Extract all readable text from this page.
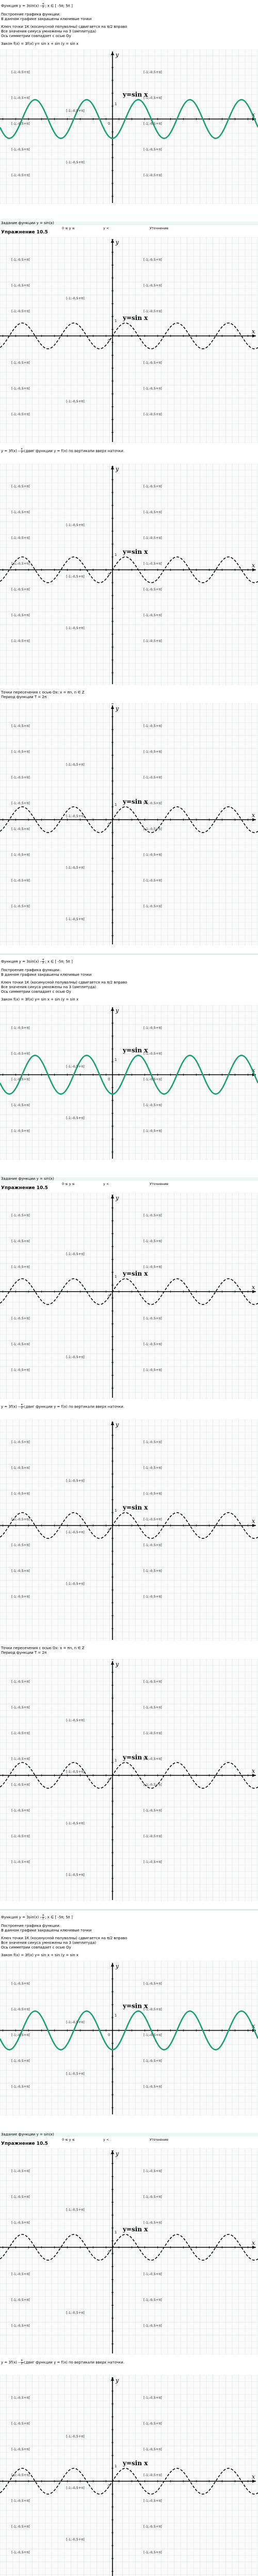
Функция $y = 3\sin(x) - \frac{\pi}{2}$ ; x ∈ [ -5π; 5π ]
Построение графика функции:
В данном графике закрашены ключевые точки
Ключ точки 1К (косинусной полуволны) сдвигается на π/2 вправо
Все значения синуса умножены на 3 (амплитуда)
Ось симметрии совпадает с осью Oy
Закон f(x) = 3f(x) y= sin x + sin (y = sin x
x
y
0
1
y=sin x
[-1;-0,5+π]	[-1;-0,5+π]
[-1;-0,5+π]	[-1;-0,5+π]
[-1;-0,5+π]
[-1;-0,5+π]	[-1;-0,5+π]
[-1;-0,5+π]	[-1;-0,5+π]
[-1;-0,5+π]
[-1;-0,5+π]	[-1;-0,5+π]
Задание функции y = sin(x)
0 ≤ y ≤	y <	Уточнение
Упражнение 10.5
x
y
0
1 y=sin x
[-1;-0,5+π]	[-1;-0,5+π]
[-1;-0,5+π]	[-1;-0,5+π]
[-1;-0,5+π]
[-1;-0,5+π]	[-1;-0,5+π]
[-1;-0,5+π]	[-1;-0,5+π]
[-1;-0,5+π]	[-1;-0,5+π]
[-1;-0,5+π]
[-1;-0,5+π]	[-1;-0,5+π]
$y = 3f(x) - \frac{\pi}{2}$ сдвиг функции y = f(x) по вертикали вверх наточки.
x
y
0
1 y=sin x
[-1;-0,5+π]	[-1;-0,5+π]
[-1;-0,5+π]	[-1;-0,5+π]
[-1;-0,5+π]
[-1;-0,5+π]	[-1;-0,5+π]
[-1;-0,5+π]	[-1;-0,5+π]
[-1;-0,5+π]
[-1;-0,5+π]	[-1;-0,5+π]
[-1;-0,5+π]	[-1;-0,5+π]
[-1;-0,5+π]
[-1;-0,5+π]	[-1;-0,5+π]
Точки пересечения с осью Ох: x = πn, n ∈ Z
Период функции T = 2π
x
y
0
1 y=sin x
[-1;-0,5+π]	[-1;-0,5+π]
[-1;-0,5+π]	[-1;-0,5+π]
[-1;-0,5+π]
[-1;-0,5+π]	[-1;-0,5+π]
[-1;-0,5+π]	[-1;-0,5+π]
[-1;-0,5+π]
[-1;-0,5+π]	[-1;-0,5+π]
[-1;-0,5+π]	[-1;-0,5+π]
[-1;-0,5+π]
[-1;-0,5+π]	[-1;-0,5+π]
[-1;-0,5+π]	[-1;-0,5+π]
[-1;-0,5+π]
Функция $y = 3\sin(x) - \frac{\pi}{2}$ ; x ∈ [ -5π; 5π ]
Построение графика функции:
В данном графике закрашены ключевые точки
Ключ точки 1К (косинусной полуволны) сдвигается на π/2 вправо
Все значения синуса умножены на 3 (амплитуда)
Ось симметрии совпадает с осью Oy
Закон f(x) = 3f(x) y= sin x + sin (y = sin x
x
y
0
1
y=sin x
[-1;-0,5+π]	[-1;-0,5+π]
[-1;-0,5+π]	[-1;-0,5+π]
[-1;-0,5+π]
[-1;-0,5+π]	[-1;-0,5+π]
[-1;-0,5+π]	[-1;-0,5+π]
[-1;-0,5+π]
[-1;-0,5+π]	[-1;-0,5+π]
Задание функции y = sin(x)
0 ≤ y ≤	y <	Уточнение
Упражнение 10.5
x
y
0
1 y=sin x
[-1;-0,5+π]	[-1;-0,5+π]
[-1;-0,5+π]	[-1;-0,5+π]
[-1;-0,5+π]
[-1;-0,5+π]	[-1;-0,5+π]
[-1;-0,5+π]	[-1;-0,5+π]
[-1;-0,5+π]	[-1;-0,5+π]
[-1;-0,5+π]
[-1;-0,5+π]	[-1;-0,5+π]
$y = 3f(x) - \frac{\pi}{2}$ сдвиг функции y = f(x) по вертикали вверх наточки.
x
y
0
1 y=sin x
[-1;-0,5+π]	[-1;-0,5+π]
[-1;-0,5+π]	[-1;-0,5+π]
[-1;-0,5+π]
[-1;-0,5+π]	[-1;-0,5+π]
[-1;-0,5+π]	[-1;-0,5+π]
[-1;-0,5+π]
[-1;-0,5+π]	[-1;-0,5+π]
[-1;-0,5+π]	[-1;-0,5+π]
[-1;-0,5+π]
[-1;-0,5+π]	[-1;-0,5+π]
Точки пересечения с осью Ох: x = πn, n ∈ Z
Период функции T = 2π
x
y
0
1 y=sin x
[-1;-0,5+π]	[-1;-0,5+π]
[-1;-0,5+π]	[-1;-0,5+π]
[-1;-0,5+π]
[-1;-0,5+π]	[-1;-0,5+π]
[-1;-0,5+π]	[-1;-0,5+π]
[-1;-0,5+π]
[-1;-0,5+π]	[-1;-0,5+π]
[-1;-0,5+π]	[-1;-0,5+π]
[-1;-0,5+π]
[-1;-0,5+π]	[-1;-0,5+π]
[-1;-0,5+π]	[-1;-0,5+π]
[-1;-0,5+π]
Функция $y = 3\sin(x) - \frac{\pi}{2}$ ; x ∈ [ -5π; 5π ]
Построение графика функции:
В данном графике закрашены ключевые точки
Ключ точки 1К (косинусной полуволны) сдвигается на π/2 вправо
Все значения синуса умножены на 3 (амплитуда)
Ось симметрии совпадает с осью Oy
Закон f(x) = 3f(x) y= sin x + sin (y = sin x
x
y
0
1
y=sin x
[-1;-0,5+π]	[-1;-0,5+π]
[-1;-0,5+π]	[-1;-0,5+π]
[-1;-0,5+π]
[-1;-0,5+π]	[-1;-0,5+π]
[-1;-0,5+π]	[-1;-0,5+π]
[-1;-0,5+π]
[-1;-0,5+π]	[-1;-0,5+π]
Задание функции y = sin(x)
0 ≤ y ≤	y <	Уточнение
Упражнение 10.5
x
y
0
1 y=sin x
[-1;-0,5+π]	[-1;-0,5+π]
[-1;-0,5+π]	[-1;-0,5+π]
[-1;-0,5+π]
[-1;-0,5+π]	[-1;-0,5+π]
[-1;-0,5+π]	[-1;-0,5+π]
[-1;-0,5+π]	[-1;-0,5+π]
[-1;-0,5+π]
[-1;-0,5+π]	[-1;-0,5+π]
$y = 3f(x) - \frac{\pi}{2}$ сдвиг функции y = f(x) по вертикали вверх наточки.
x
y
0
1 y=sin x
[-1;-0,5+π]	[-1;-0,5+π]
[-1;-0,5+π]	[-1;-0,5+π]
[-1;-0,5+π]
[-1;-0,5+π]	[-1;-0,5+π]
[-1;-0,5+π]	[-1;-0,5+π]
[-1;-0,5+π]
[-1;-0,5+π]	[-1;-0,5+π]
[-1;-0,5+π]	[-1;-0,5+π]
[-1;-0,5+π]
[-1;-0,5+π]	[-1;-0,5+π]
